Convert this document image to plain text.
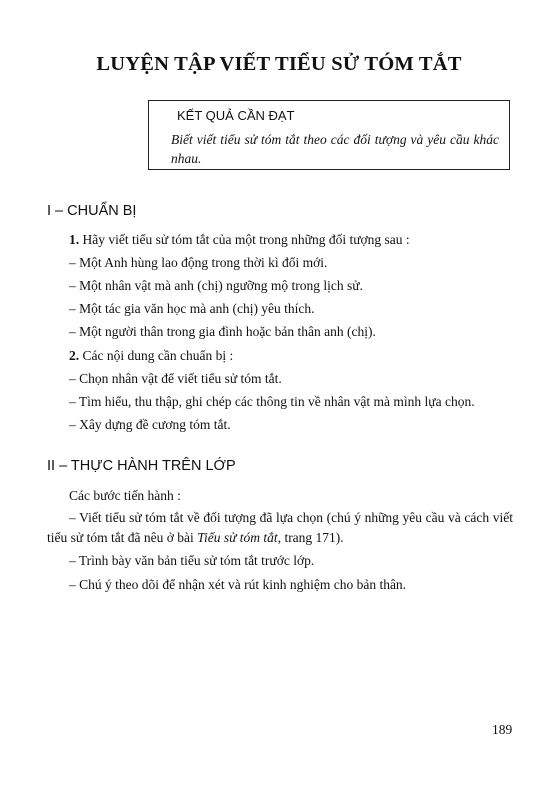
LUYỆN TẬP VIẾT TIỂU SỬ TÓM TẮT
KẾT QUẢ CẦN ĐẠT
Biết viết tiểu sử tóm tắt theo các đối tượng và yêu cầu khác nhau.
I – CHUẨN BỊ
1. Hãy viết tiểu sử tóm tắt của một trong những đối tượng sau :
– Một Anh hùng lao động trong thời kì đổi mới.
– Một nhân vật mà anh (chị) ngưỡng mộ trong lịch sử.
– Một tác gia văn học mà anh (chị) yêu thích.
– Một người thân trong gia đình hoặc bản thân anh (chị).
2. Các nội dung cần chuẩn bị :
– Chọn nhân vật để viết tiểu sử tóm tắt.
– Tìm hiểu, thu thập, ghi chép các thông tin về nhân vật mà mình lựa chọn.
– Xây dựng đề cương tóm tắt.
II – THỰC HÀNH TRÊN LỚP
Các bước tiến hành :
– Viết tiểu sử tóm tắt về đối tượng đã lựa chọn (chú ý những yêu cầu và cách viết tiểu sử tóm tắt đã nêu ở bài Tiểu sử tóm tắt, trang 171).
– Trình bày văn bản tiểu sử tóm tắt trước lớp.
– Chú ý theo dõi để nhận xét và rút kinh nghiệm cho bản thân.
189
